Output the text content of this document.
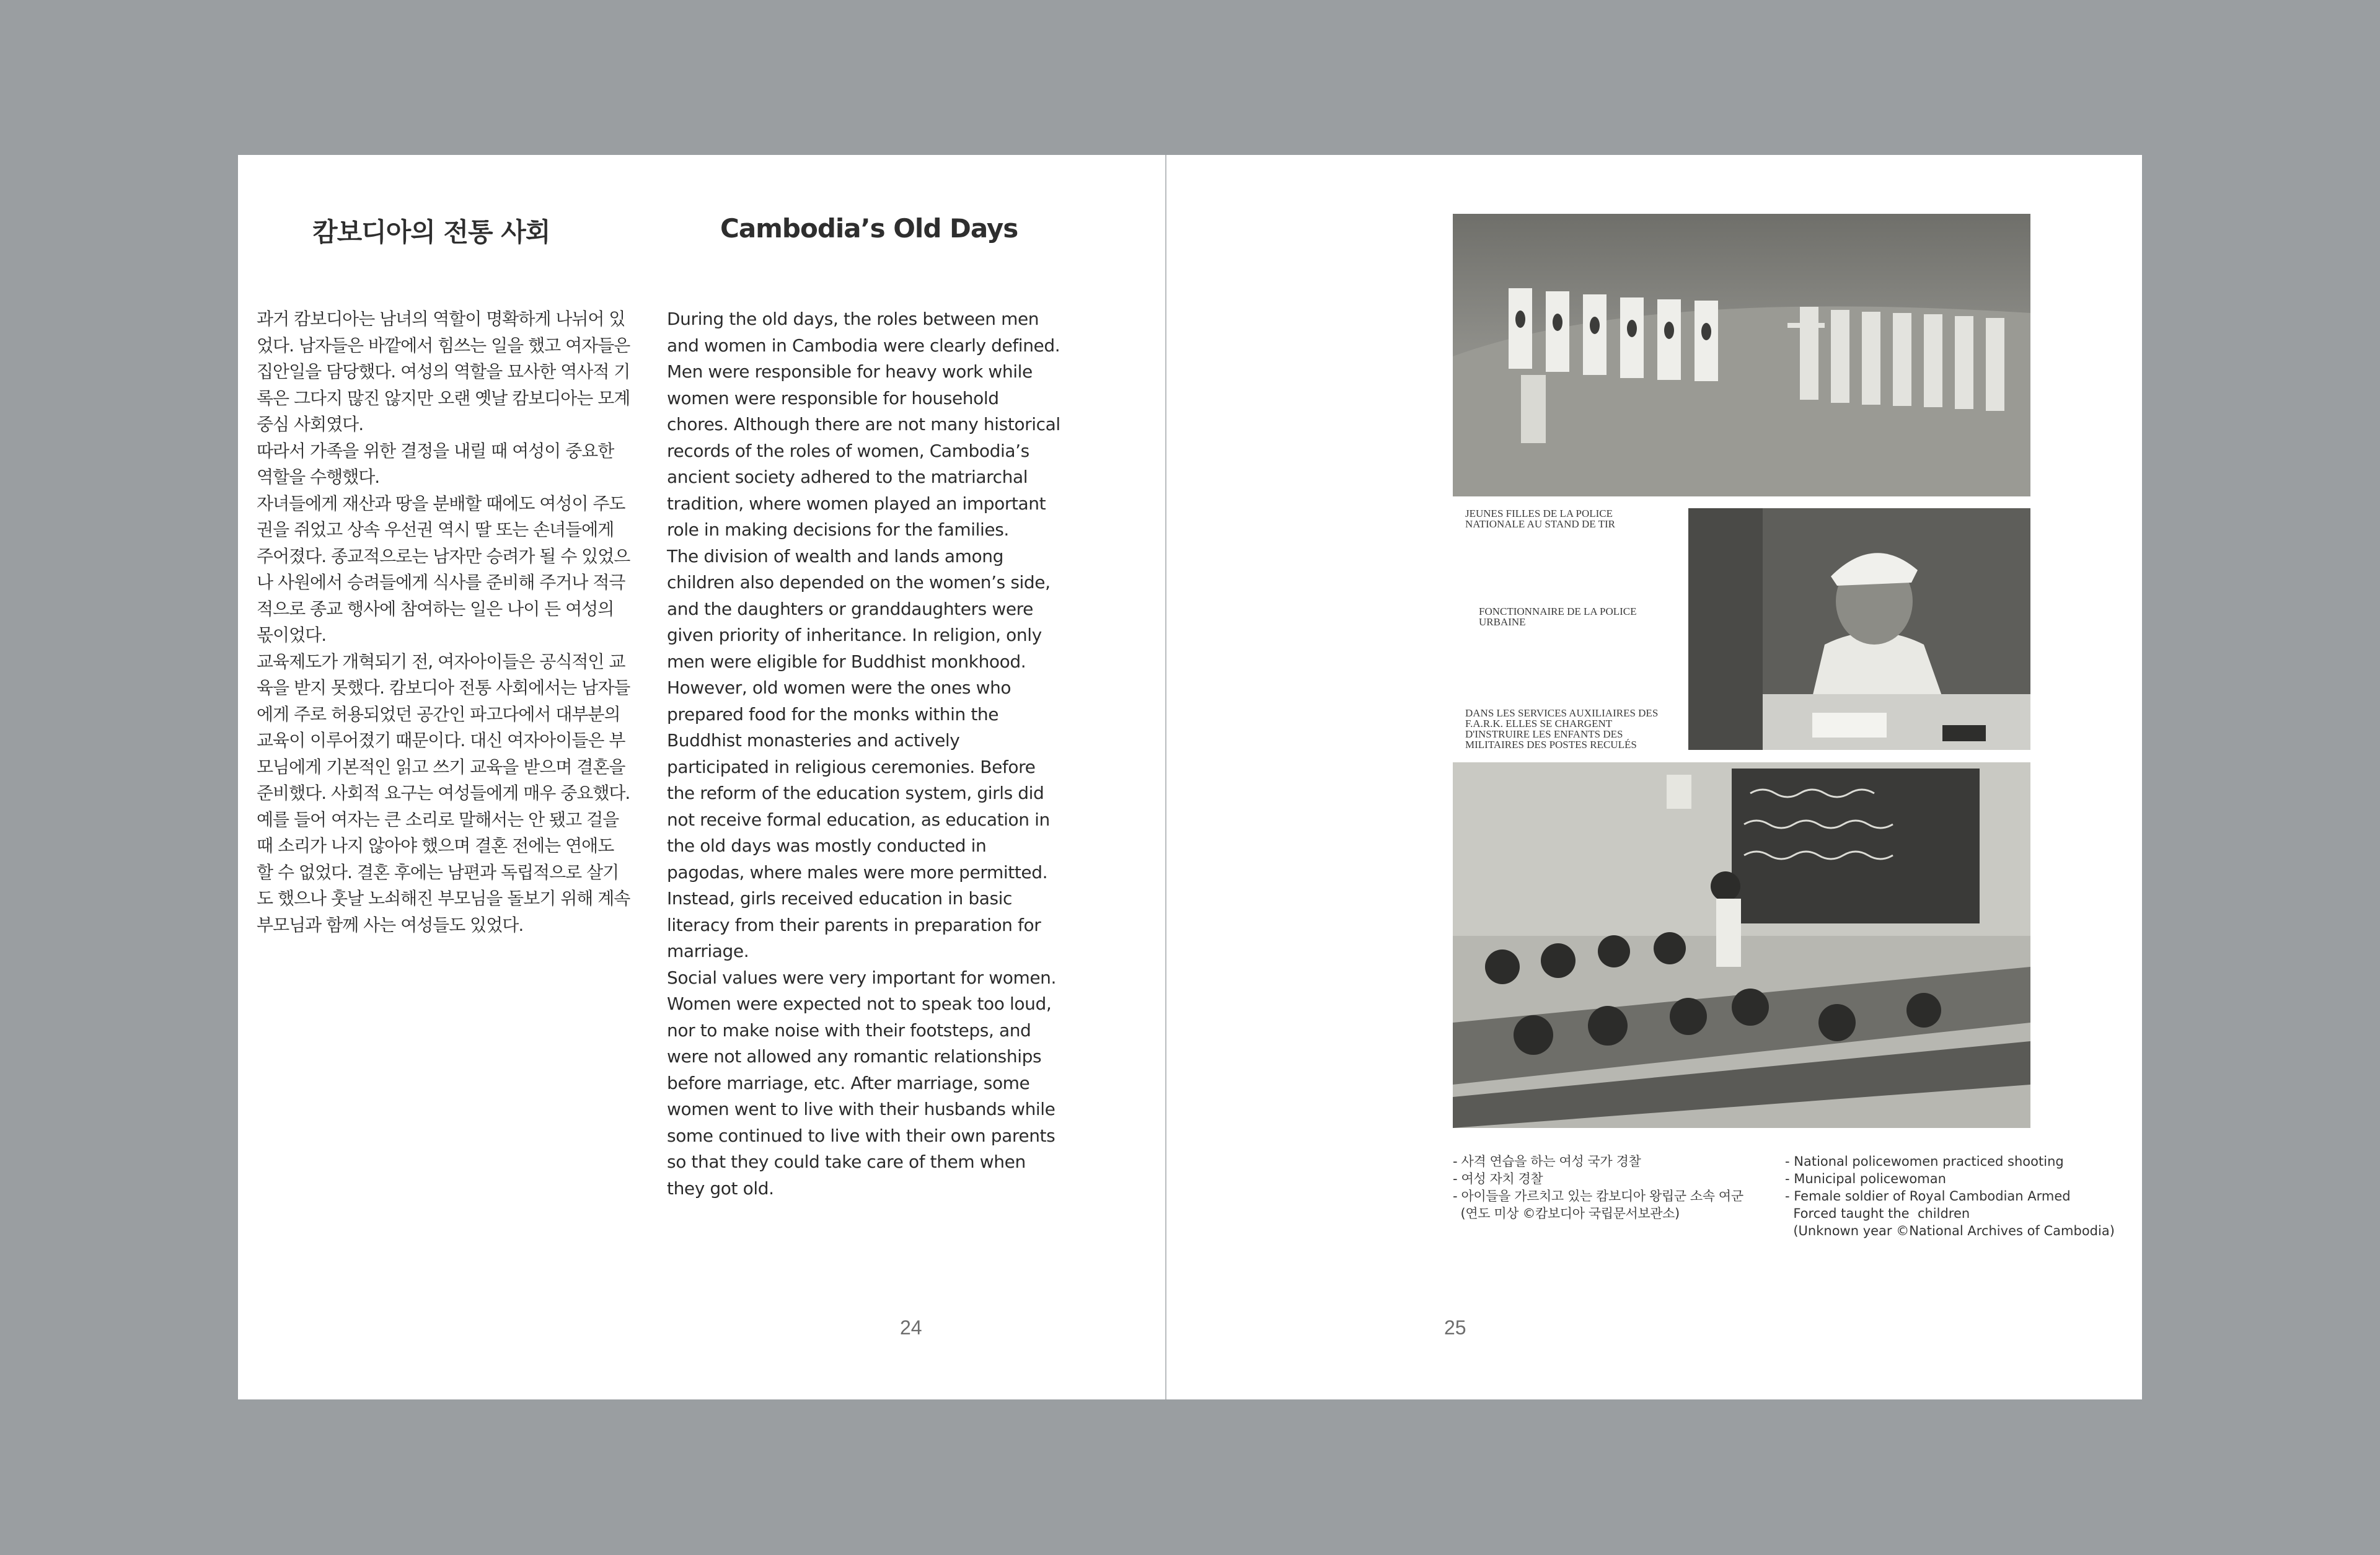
캄보디아의 전통 사회	Cambodia’s Old Days

과거 캄보디아는 남녀의 역할이 명확하게 나뉘어 있었다. 남자들은 바깥에서 힘쓰는 일을 했고 여자들은 집안일을 담당했다. 여성의 역할을 묘사한 역사적 기록은 그다지 많진 않지만 오랜 옛날 캄보디아는 모계 중심 사회였다.

따라서 가족을 위한 결정을 내릴 때 여성이 중요한 역할을 수행했다.

자녀들에게 재산과 땅을 분배할 때에도 여성이 주도권을 쥐었고 상속 우선권 역시 딸 또는 손녀들에게 주어졌다. 종교적으로는 남자만 승려가 될 수 있었으나 사원에서 승려들에게 식사를 준비해 주거나 적극적으로 종교 행사에 참여하는 일은 나이 든 여성의 몫이었다.

교육제도가 개혁되기 전, 여자아이들은 공식적인 교육을 받지 못했다. 캄보디아 전통 사회에서는 남자들에게 주로 허용되었던 공간인 파고다에서 대부분의 교육이 이루어졌기 때문이다. 대신 여자아이들은 부모님에게 기본적인 읽고 쓰기 교육을 받으며 결혼을 준비했다. 사회적 요구는 여성들에게 매우 중요했다. 예를 들어 여자는 큰 소리로 말해서는 안 됐고 걸을 때 소리가 나지 않아야 했으며 결혼 전에는 연애도 할 수 없었다. 결혼 후에는 남편과 독립적으로 살기도 했으나 훗날 노쇠해진 부모님을 돌보기 위해 계속 부모님과 함께 사는 여성들도 있었다.

During the old days, the roles between men and women in Cambodia were clearly defined. Men were responsible for heavy work while women were responsible for household chores. Although there are not many historical records of the roles of women, Cambodia’s ancient society adhered to the matriarchal tradition, where women played an important role in making decisions for the families.

The division of wealth and lands among children also depended on the women’s side, and the daughters or granddaughters were given priority of inheritance. In religion, only men were eligible for Buddhist monkhood. However, old women were the ones who prepared food for the monks within the Buddhist monasteries and actively participated in religious ceremonies. Before the reform of the education system, girls did not receive formal education, as education in the old days was mostly conducted in pagodas, where males were more permitted. Instead, girls received education in basic literacy from their parents in preparation for marriage.

Social values were very important for women. Women were expected not to speak too loud, nor to make noise with their footsteps, and were not allowed any romantic relationships before marriage, etc. After marriage, some women went to live with their husbands while some continued to live with their own parents so that they could take care of them when they got old.

24
JEUNES FILLES DE LA POLICE NATIONALE AU STAND DE TIR
FONCTIONNAIRE DE LA POLICE URBAINE
DANS LES SERVICES AUXILIAIRES DES F.A.R.K. ELLES SE CHARGENT D'INSTRUIRE LES ENFANTS DES MILITAIRES DES POSTES RECULÉS
- 사격 연습을 하는 여성 국가 경찰
- 여성 자치 경찰
- 아이들을 가르치고 있는 캄보디아 왕립군 소속 여군
(연도 미상 ©캄보디아 국립문서보관소)
- National policewomen practiced shooting
- Municipal policewoman
- Female soldier of Royal Cambodian Armed
Forced taught the  children
(Unknown year ©National Archives of Cambodia)
25
